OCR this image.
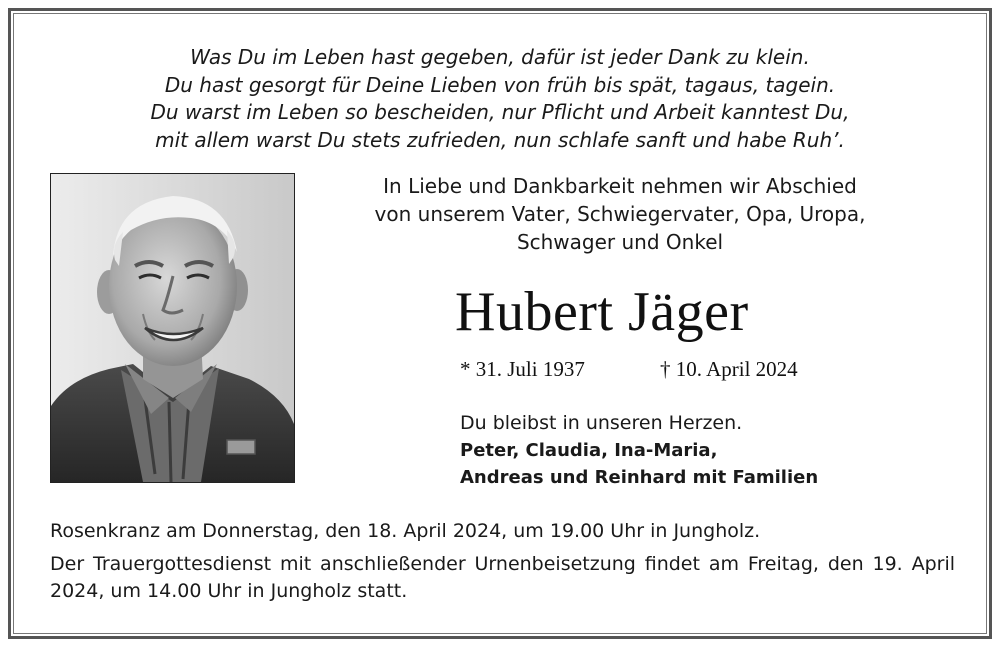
Was Du im Leben hast gegeben, dafür ist jeder Dank zu klein.
Du hast gesorgt für Deine Lieben von früh bis spät, tagaus, tagein.
Du warst im Leben so bescheiden, nur Pflicht und Arbeit kanntest Du,
mit allem warst Du stets zufrieden, nun schlafe sanft und habe Ruh’.
In Liebe und Dankbarkeit nehmen wir Abschied
von unserem Vater, Schwiegervater, Opa, Uropa,
Schwager und Onkel
Hubert Jäger
* 31. Juli 1937	† 10. April 2024
Du bleibst in unseren Herzen.
Peter, Claudia, Ina-Maria,
Andreas und Reinhard mit Familien
Rosenkranz am Donnerstag, den 18. April 2024, um 19.00 Uhr in Jungholz.
Der Trauergottesdienst mit anschließender Urnenbeisetzung findet am Freitag, den 19. April 2024, um 14.00 Uhr in Jungholz statt.
